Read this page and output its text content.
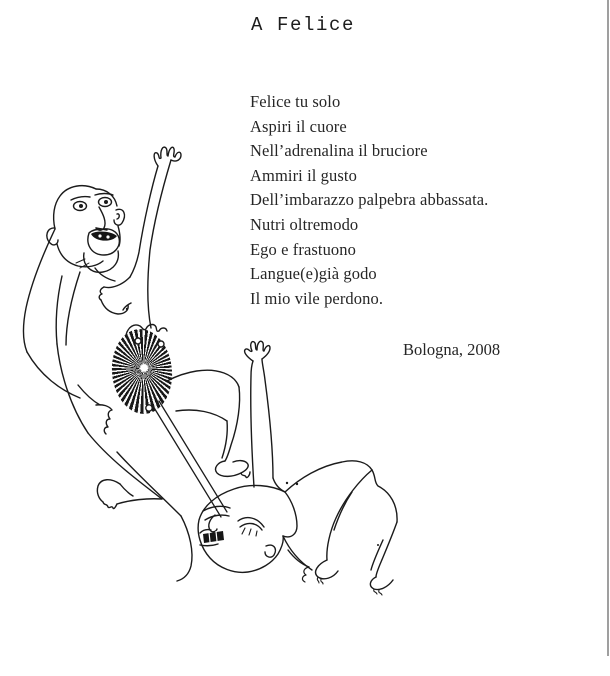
A Felice
Felice tu solo
Aspiri il cuore
Nell’adrenalina il bruciore
Ammiri il gusto
Dell’imbarazzo palpebra abbassata.
Nutri oltremodo
Ego e frastuono
Langue(e)già godo
Il mio vile perdono.
Bologna, 2008
